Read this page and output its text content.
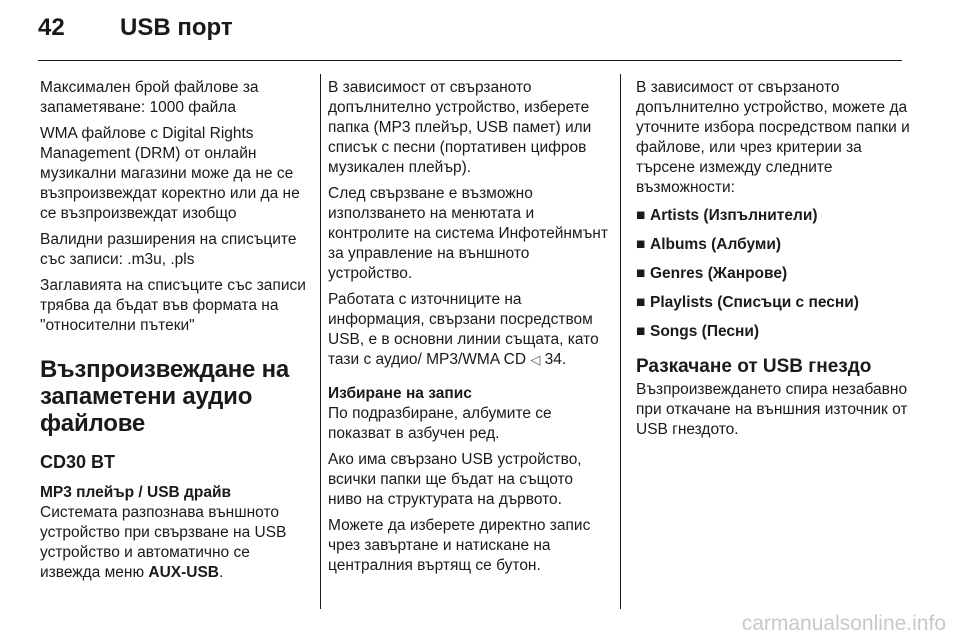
42 USB порт

Максимален брой файлове за запаметяване: 1000 файла

WMA файлове с Digital Rights Management (DRM) от онлайн музикални магазини може да не се възпроизвеждат коректно или да не се възпроизвеждат изобщо

Валидни разширения на списъците със записи: .m3u, .pls

Заглавията на списъците със записи трябва да бъдат във формата на "относителни пътеки"

Възпроизвеждане на запаметени аудио файлове
CD30 BT
MP3 плейър / USB драйв

Системата разпознава външното устройство при свързване на USB устройство и автоматично се извежда меню AUX-USB.

В зависимост от свързаното допълнително устройство, изберете папка (MP3 плейър, USB памет) или списък с песни (портативен цифров музикален плейър).

След свързване е възможно използването на менютата и контролите на система Инфотейнмънт за управление на външното устройство.

Работата с източниците на информация, свързани посредством USB, е в основни линии същата, като тази с аудио/ MP3/WMA CD ◁ 34.

Избиране на запис

По подразбиране, албумите се показват в азбучен ред.

Ако има свързано USB устройство, всички папки ще бъдат на същото ниво на структурата на дървото.

Можете да изберете директно запис чрез завъртане и натискане на централния въртящ се бутон.

В зависимост от свързаното допълнително устройство, можете да уточните избора посредством папки и файлове, или чрез критерии за търсене измежду следните възможности:

■ Artists (Изпълнители)
■ Albums (Албуми)
■ Genres (Жанрове)
■ Playlists (Списъци с песни)
■ Songs (Песни)
Разкачане от USB гнездо

Възпроизвеждането спира незабавно при откачане на външния източник от USB гнездото.

carmanualsonline.info
